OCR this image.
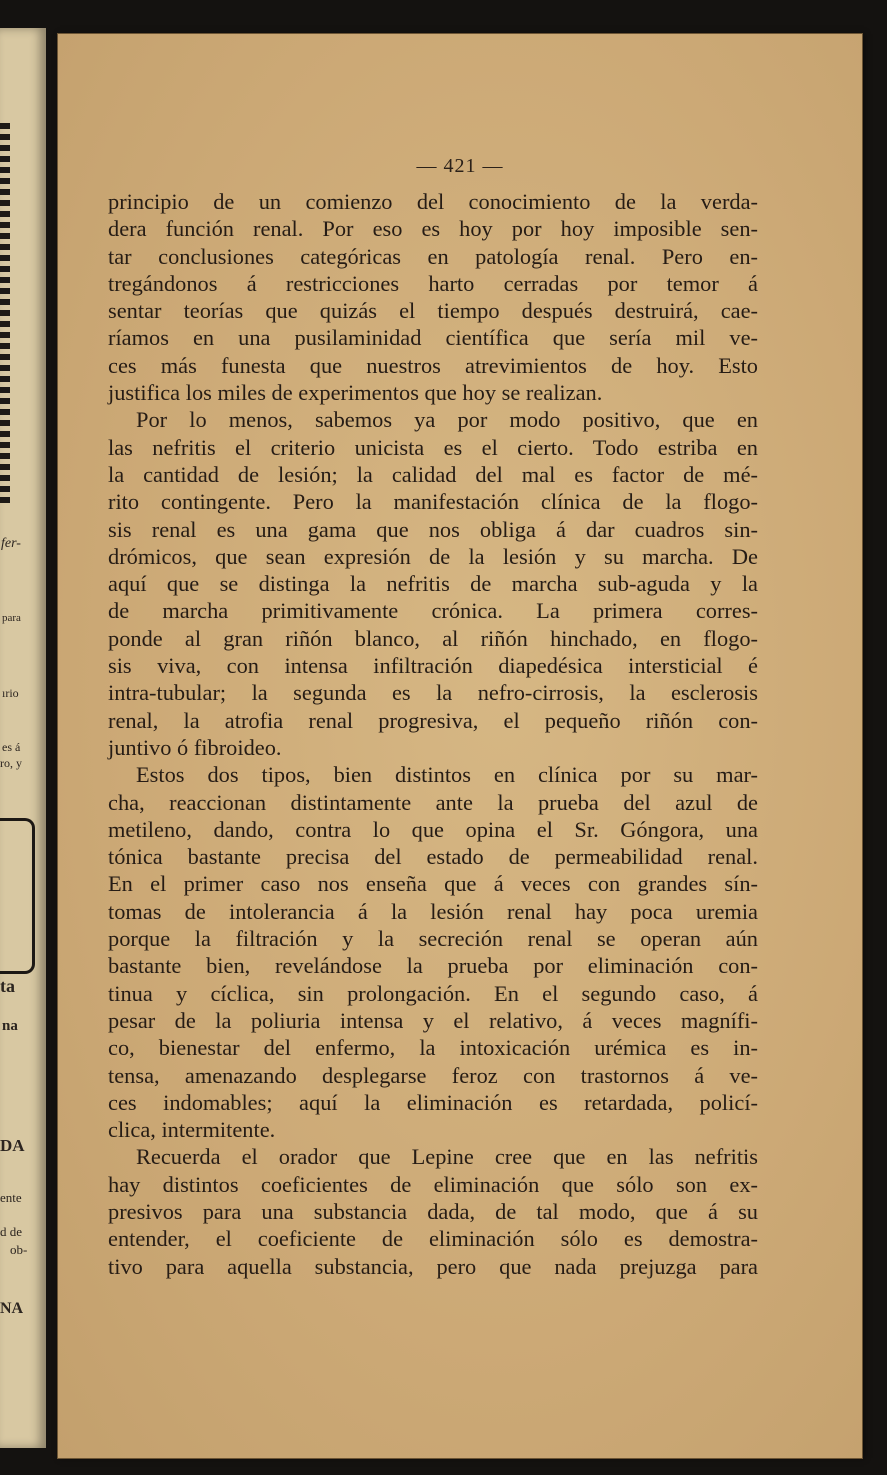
fer-
para
ırio
es á
ro, y
ta
na
DA
ente
d de
ob-
NA
— 421 —
principio de un comienzo del conocimiento de la verda-
dera función renal. Por eso es hoy por hoy imposible sen-
tar conclusiones categóricas en patología renal. Pero en-
tregándonos á restricciones harto cerradas por temor á
sentar teorías que quizás el tiempo después destruirá, cae-
ríamos en una pusilaminidad científica que sería mil ve-
ces más funesta que nuestros atrevimientos de hoy. Esto
justifica los miles de experimentos que hoy se realizan.
Por lo menos, sabemos ya por modo positivo, que en
las nefritis el criterio unicista es el cierto. Todo estriba en
la cantidad de lesión; la calidad del mal es factor de mé-
rito contingente. Pero la manifestación clínica de la flogo-
sis renal es una gama que nos obliga á dar cuadros sin-
drómicos, que sean expresión de la lesión y su marcha. De
aquí que se distinga la nefritis de marcha sub-aguda y la
de marcha primitivamente crónica. La primera corres-
ponde al gran riñón blanco, al riñón hinchado, en flogo-
sis viva, con intensa infiltración diapedésica intersticial é
intra-tubular; la segunda es la nefro-cirrosis, la esclerosis
renal, la atrofia renal progresiva, el pequeño riñón con-
juntivo ó fibroideo.
Estos dos tipos, bien distintos en clínica por su mar-
cha, reaccionan distintamente ante la prueba del azul de
metileno, dando, contra lo que opina el Sr. Góngora, una
tónica bastante precisa del estado de permeabilidad renal.
En el primer caso nos enseña que á veces con grandes sín-
tomas de intolerancia á la lesión renal hay poca uremia
porque la filtración y la secreción renal se operan aún
bastante bien, revelándose la prueba por eliminación con-
tinua y cíclica, sin prolongación. En el segundo caso, á
pesar de la poliuria intensa y el relativo, á veces magnífi-
co, bienestar del enfermo, la intoxicación urémica es in-
tensa, amenazando desplegarse feroz con trastornos á ve-
ces indomables; aquí la eliminación es retardada, policí-
clica, intermitente.
Recuerda el orador que Lepine cree que en las nefritis
hay distintos coeficientes de eliminación que sólo son ex-
presivos para una substancia dada, de tal modo, que á su
entender, el coeficiente de eliminación sólo es demostra-
tivo para aquella substancia, pero que nada prejuzga para
